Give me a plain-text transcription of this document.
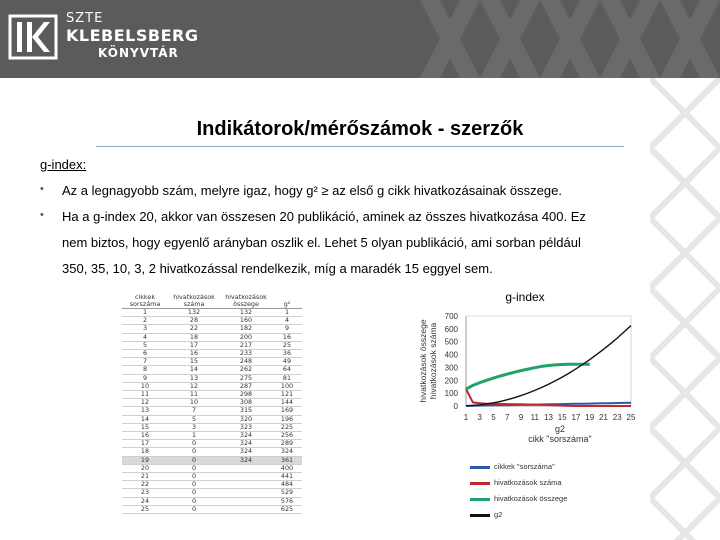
SZTE
KLEBELSBERG
KÖNYVTÁR
Indikátorok/mérőszámok - szerzők
g-index:
• Az a legnagyobb szám, melyre igaz, hogy g² ≥ az első g cikk hivatkozásainak összege.
• Ha a g-index 20, akkor van összesen 20 publikáció, aminek az összes hivatkozása 400. Ez
nem biztos, hogy egyenlő arányban oszlik el. Lehet 5 olyan publikáció, ami sorban például
350, 35, 10, 3, 2 hivatkozással rendelkezik, míg a maradék 15 eggyel sem.
cikkek sorszáma	hivatkozások száma	hivatkozások összege	g²
1	132	132	1
2	28	160	4
3	22	182	9
4	18	200	16
5	17	217	25
6	16	233	36
7	15	248	49
8	14	262	64
9	13	275	81
10	12	287	100
11	11	298	121
12	10	308	144
13	7	315	169
14	5	320	196
15	3	323	225
16	1	324	256
17	0	324	289
18	0	324	324
19	0	324	361
20	0		400
21	0		441
22	0		484
23	0		529
24	0		576
25	0		625
g-index
hivatkozások összege hivatkozások száma
0
100
200
300
400
500
600
700
1 3 5 7 9 11 13 15 17 19 21 23 25
g2
cikk "sorszáma"
cikkek "sorszáma"
hivatkozások száma
hivatkozások összege
g2
